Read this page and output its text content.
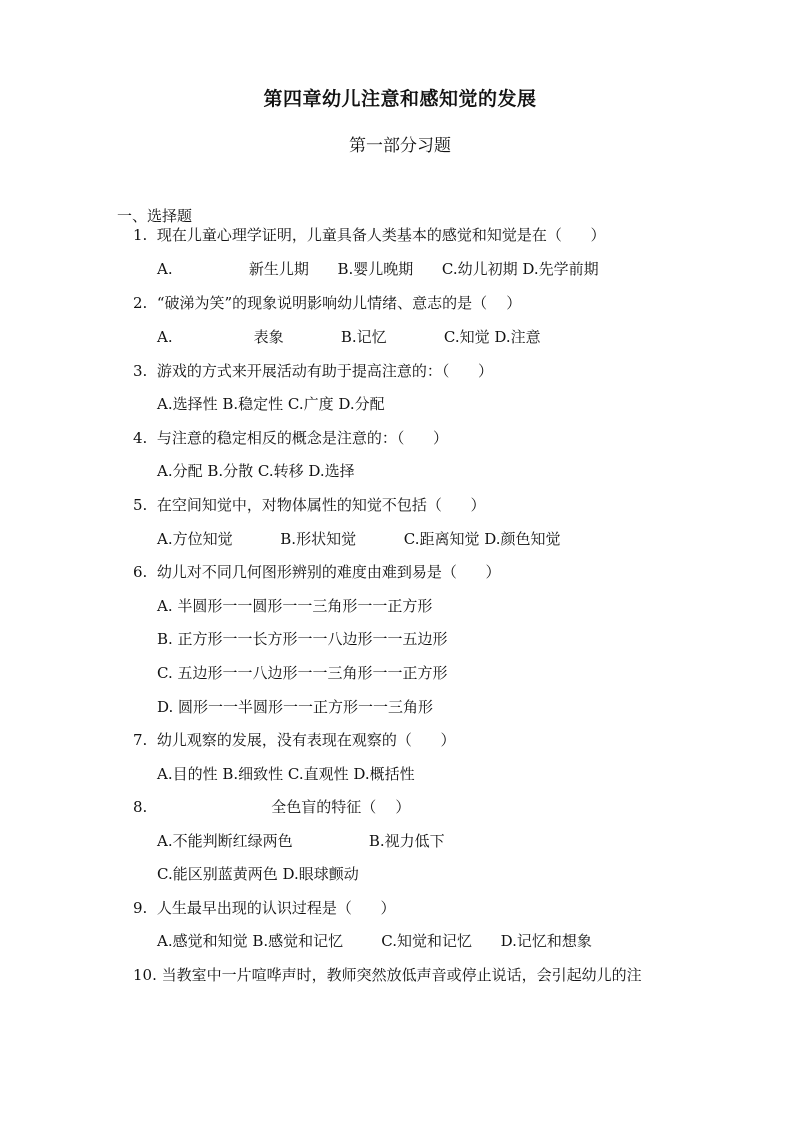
第四章幼儿注意和感知觉的发展
第一部分习题
一、选择题
1.  现在儿童心理学证明，儿童具备人类基本的感觉和知觉是在（      ）
A.                新生儿期      B.婴儿晚期      C.幼儿初期 D.先学前期
2.  “破涕为笑”的现象说明影响幼儿情绪、意志的是（    ）
A.                 表象            B.记忆            C.知觉 D.注意
3.  游戏的方式来开展活动有助于提高注意的：（      ）
A.选择性 B.稳定性 C.广度 D.分配
4.  与注意的稳定相反的概念是注意的：（      ）
A.分配 B.分散 C.转移 D.选择
5.  在空间知觉中，对物体属性的知觉不包括（      ）
A.方位知觉          B.形状知觉          C.距离知觉 D.颜色知觉
6.  幼儿对不同几何图形辨别的难度由难到易是（      ）
A. 半圆形一一圆形一一三角形一一正方形
B. 正方形一一长方形一一八边形一一五边形
C. 五边形一一八边形一一三角形一一正方形
D. 圆形一一半圆形一一正方形一一三角形
7.  幼儿观察的发展，没有表现在观察的（      ）
A.目的性 B.细致性 C.直观性 D.概括性
8.                          全色盲的特征（    ）
A.不能判断红绿两色                B.视力低下
C.能区别蓝黄两色 D.眼球颤动
9.  人生最早出现的认识过程是（      ）
A.感觉和知觉 B.感觉和记忆        C.知觉和记忆      D.记忆和想象
10. 当教室中一片喧哗声时，教师突然放低声音或停止说话，会引起幼儿的注
